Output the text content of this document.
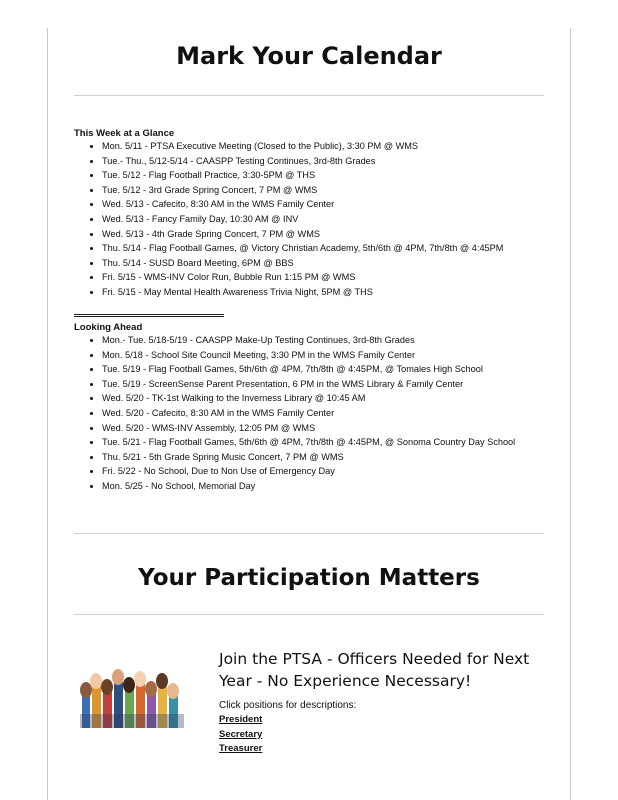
Mark Your Calendar

This Week at a Glance

• Mon. 5/11 - PTSA Executive Meeting (Closed to the Public), 3:30 PM @ WMS
• Tue.- Thu., 5/12-5/14 - CAASPP Testing Continues, 3rd-8th Grades
• Tue. 5/12 - Flag Football Practice, 3:30-5PM @ THS
• Tue. 5/12 - 3rd Grade Spring Concert, 7 PM @ WMS
• Wed. 5/13 - Cafecito, 8:30 AM in the WMS Family Center
• Wed. 5/13 - Fancy Family Day, 10:30 AM @ INV
• Wed. 5/13 - 4th Grade Spring Concert, 7 PM @ WMS
• Thu. 5/14 - Flag Football Games, @ Victory Christian Academy, 5th/6th @ 4PM, 7th/8th @ 4:45PM
• Thu. 5/14 - SUSD Board Meeting, 6PM @ BBS
• Fri. 5/15 - WMS-INV Color Run, Bubble Run 1:15 PM @ WMS
• Fri. 5/15 - May Mental Health Awareness Trivia Night, 5PM @ THS

Looking Ahead

• Mon.- Tue. 5/18-5/19 - CAASPP Make-Up Testing Continues, 3rd-8th Grades
• Mon. 5/18 - School Site Council Meeting, 3:30 PM in the WMS Family Center
• Tue. 5/19 - Flag Football Games, 5th/6th @ 4PM, 7th/8th @ 4:45PM, @ Tomales High School
• Tue. 5/19 - ScreenSense Parent Presentation, 6 PM in the WMS Library & Family Center
• Wed. 5/20 - TK-1st Walking to the Inverness Library @ 10:45 AM
• Wed. 5/20 - Cafecito, 8:30 AM in the WMS Family Center
• Wed. 5/20 - WMS-INV Assembly, 12:05 PM @ WMS
• Tue. 5/21 - Flag Football Games, 5th/6th @ 4PM, 7th/8th @ 4:45PM, @ Sonoma Country Day School
• Thu. 5/21 - 5th Grade Spring Music Concert, 7 PM @ WMS
• Fri. 5/22 - No School, Due to Non Use of Emergency Day
• Mon. 5/25 - No School, Memorial Day
Your Participation Matters

Join the PTSA - Officers Needed for Next Year - No Experience Necessary!

Click positions for descriptions:

President
Secretary
Treasurer
